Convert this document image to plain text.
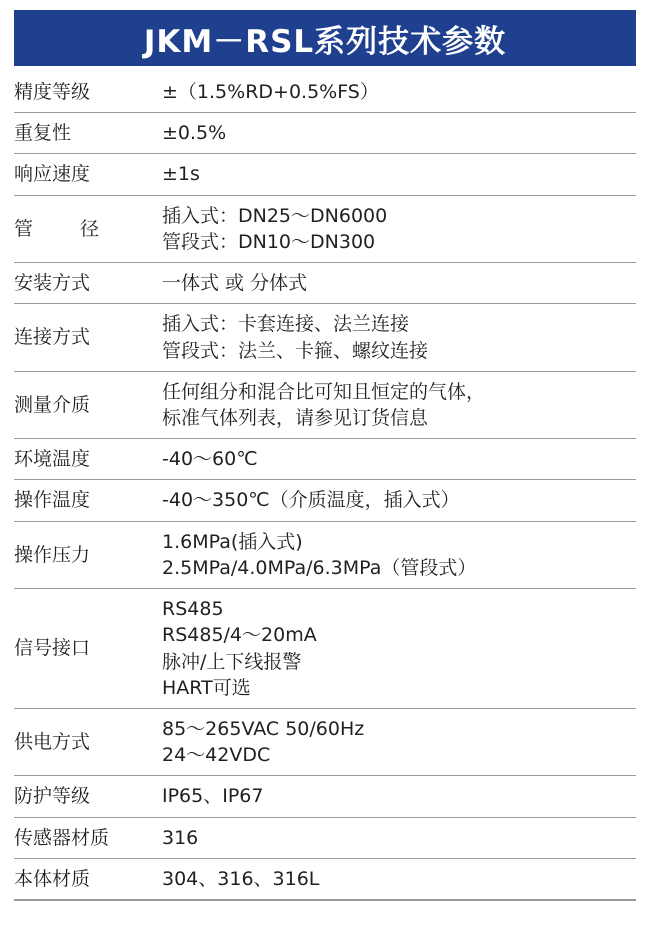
JKM－RSL系列技术参数
精度等级	±（1.5%RD+0.5%FS）

重复性	±0.5%

响应速度	±1s

管　径	插入式：DN25～DN6000
管段式：DN10～DN300

安装方式	一体式 或 分体式

连接方式	插入式：卡套连接、法兰连接
管段式：法兰、卡箍、螺纹连接

测量介质	任何组分和混合比可知且恒定的气体，
标准气体列表，请参见订货信息

环境温度	-40～60℃

操作温度	-40～350℃（介质温度，插入式）

操作压力	1.6MPa(插入式)
2.5MPa/4.0MPa/6.3MPa（管段式）

信号接口	RS485
RS485/4～20mA
脉冲/上下线报警
HART可选

供电方式	85～265VAC 50/60Hz
24～42VDC

防护等级	IP65、IP67

传感器材质	316

本体材质	304、316、316L
